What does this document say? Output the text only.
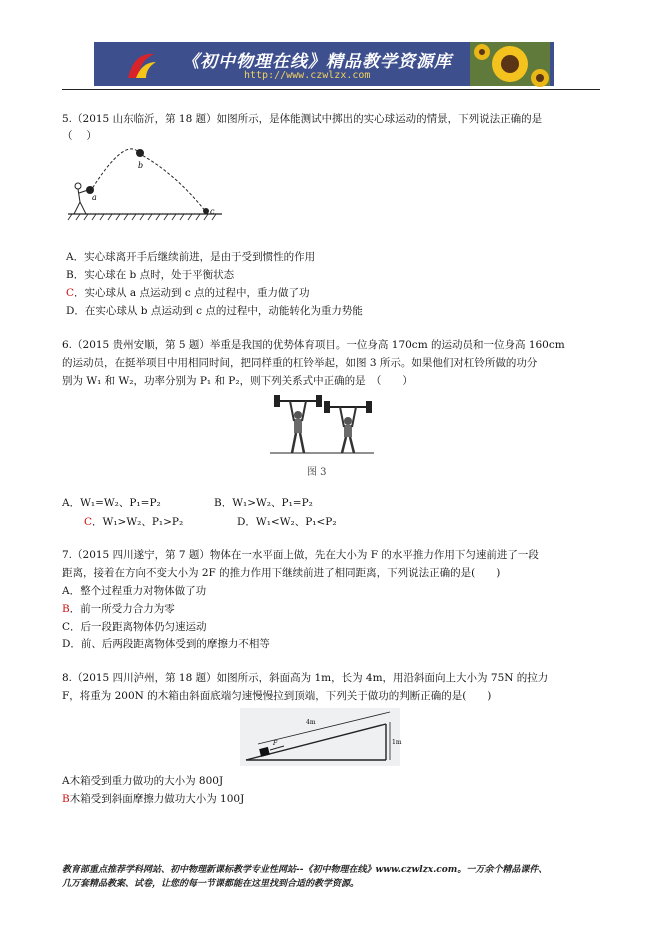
《初中物理在线》精品教学资源库
http://www.czwlzx.com
5.（2015 山东临沂，第 18 题）如图所示，是体能测试中掷出的实心球运动的情景，下列说法正确的是
（　 ）
a
b
c
A．实心球离开手后继续前进，是由于受到惯性的作用
B．实心球在 b 点时，处于平衡状态
C．实心球从 a 点运动到 c 点的过程中，重力做了功
D．在实心球从 b 点运动到 c 点的过程中，动能转化为重力势能
6.（2015 贵州安顺，第 5 题）举重是我国的优势体育项目。一位身高 170cm 的运动员和一位身高 160cm
的运动员，在挺举项目中用相同时间，把同样重的杠铃举起，如图 3 所示。如果他们对杠铃所做的功分
别为 W₁ 和 W₂，功率分别为 P₁ 和 P₂，则下列关系式中正确的是　（　　）
图 3
A．W₁=W₂、P₁=P₂	B．W₁>W₂、P₁=P₂
C．W₁>W₂、P₁>P₂	D．W₁<W₂、P₁<P₂
7.（2015 四川遂宁，第 7 题）物体在一水平面上做，先在大小为 F 的水平推力作用下匀速前进了一段
距离，接着在方向不变大小为 2F 的推力作用下继续前进了相同距离，下列说法正确的是(　　)
A．整个过程重力对物体做了功
B．前一所受力合力为零
C．后一段距离物体仍匀速运动
D．前、后两段距离物体受到的摩擦力不相等
8.（2015 四川泸州，第 18 题）如图所示，斜面高为 1m，长为 4m，用沿斜面向上大小为 75N 的拉力
F，将重为 200N 的木箱由斜面底端匀速慢慢拉到顶端，下列关于做功的判断正确的是(　　)
4m
1m
F
A木箱受到重力做功的大小为 800J
B木箱受到斜面摩擦力做功大小为 100J
教育部重点推荐学科网站、初中物理新课标教学专业性网站--《初中物理在线》www.czwlzx.com。一万余个精品课件、
几万套精品教案、试卷，让您的每一节课都能在这里找到合适的教学资源。
